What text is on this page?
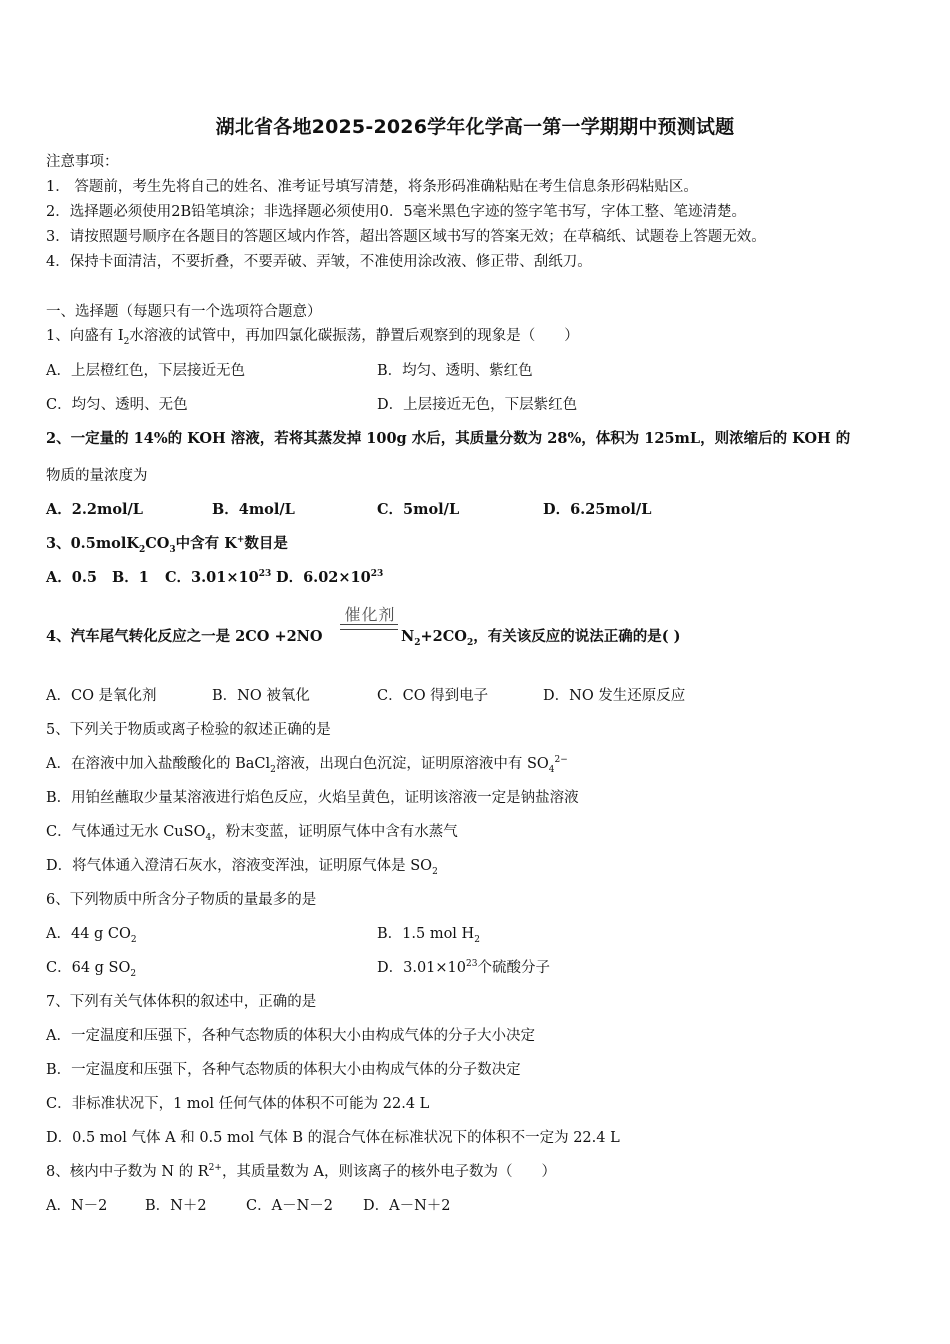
湖北省各地2025-2026学年化学高一第一学期期中预测试题
注意事项：
1． 答题前，考生先将自己的姓名、准考证号填写清楚，将条形码准确粘贴在考生信息条形码粘贴区。
2．选择题必须使用2B铅笔填涂；非选择题必须使用0．5毫米黑色字迹的签字笔书写，字体工整、笔迹清楚。
3．请按照题号顺序在各题目的答题区域内作答，超出答题区域书写的答案无效；在草稿纸、试题卷上答题无效。
4．保持卡面清洁，不要折叠，不要弄破、弄皱，不准使用涂改液、修正带、刮纸刀。
一、选择题（每题只有一个选项符合题意）
1、向盛有 $I_2$水溶液的试管中，再加四氯化碳振荡，静置后观察到的现象是（　　）
A．上层橙红色，下层接近无色	B．均匀、透明、紫红色
C．均匀、透明、无色	D．上层接近无色，下层紫红色
2、一定量的 14%的 KOH 溶液，若将其蒸发掉 100g 水后，其质量分数为 28%，体积为 125mL，则浓缩后的 KOH 的
物质的量浓度为
A．2.2mol/L	B．4mol/L	C．5mol/L	D．6.25mol/L
3、$0.5molK_2CO_3$中含有 K+数目是
A．0.5 B．1 C．$3.01\times 10^{23}$ D．$6.02\times 10^{23}$
催化剂
4、汽车尾气转化反应之一是 2CO +2NO	$N_2+2CO_2$，有关该反应的说法正确的是( )
A．CO 是氧化剂	B．NO 被氧化	C．CO 得到电子	D．NO 发生还原反应
5、下列关于物质或离子检验的叙述正确的是
A．在溶液中加入盐酸酸化的 BaCl$_2$溶液，出现白色沉淀，证明原溶液中有 $SO_4^{2-}$
B．用铂丝蘸取少量某溶液进行焰色反应，火焰呈黄色，证明该溶液一定是钠盐溶液
C．气体通过无水 CuSO$_4$，粉末变蓝，证明原气体中含有水蒸气
D．将气体通入澄清石灰水，溶液变浑浊，证明原气体是 $SO_2$
6、下列物质中所含分子物质的量最多的是
A．44 g $CO_2$	B．1.5 mol $H_2$
C．64 g $SO_2$	D．$3.01\times 10^{23}$个硫酸分子
7、下列有关气体体积的叙述中，正确的是
A．一定温度和压强下，各种气态物质的体积大小由构成气体的分子大小决定
B．一定温度和压强下，各种气态物质的体积大小由构成气体的分子数决定
C．非标准状况下，1 mol 任何气体的体积不可能为 22.4 L
D．0.5 mol 气体 A 和 0.5 mol 气体 B 的混合气体在标准状况下的体积不一定为 22.4 L
8、核内中子数为 N 的 $R^{2+}$，其质量数为 A，则该离子的核外电子数为（　　）
A．N－2	B．N＋2	C．A－N－2 D．A－N＋2
